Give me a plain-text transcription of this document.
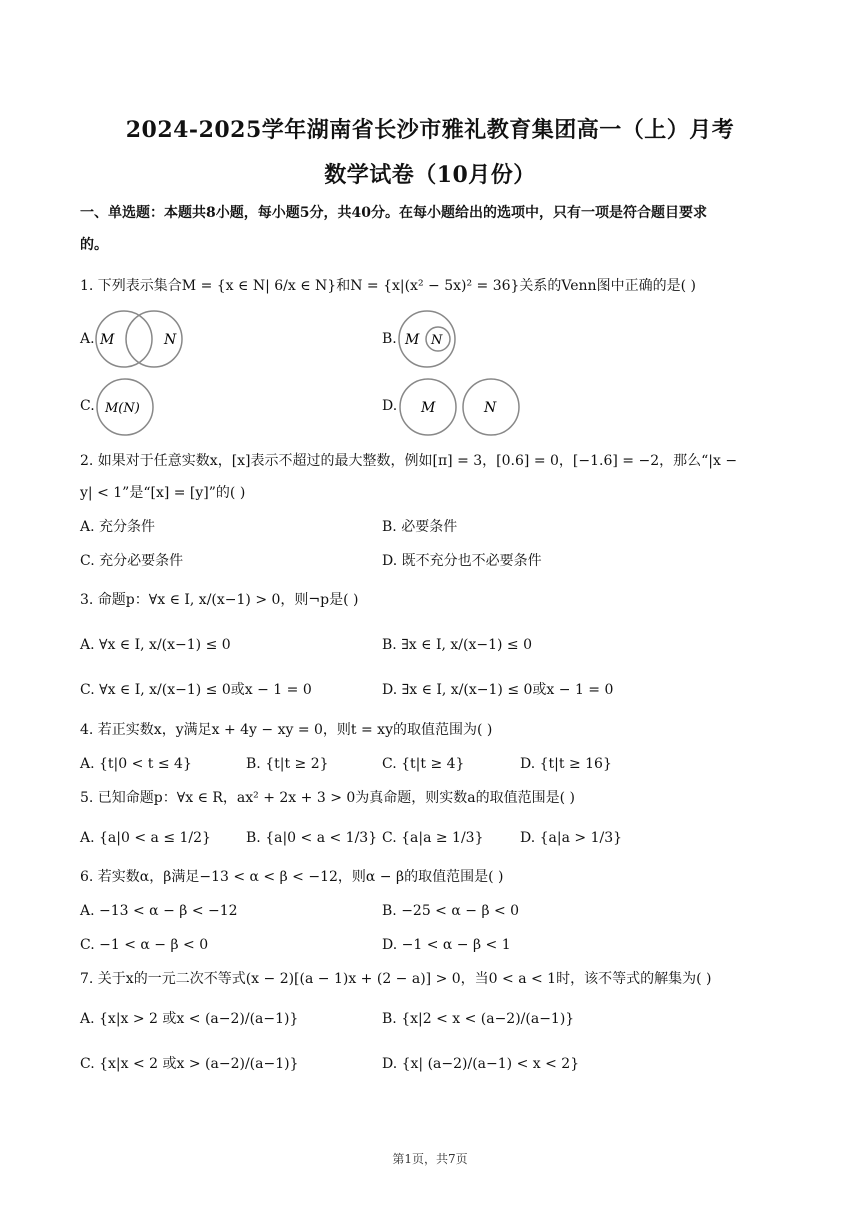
2024-2025学年湖南省长沙市雅礼教育集团高一（上）月考
数学试卷（10月份）
一、单选题：本题共8小题，每小题5分，共40分。在每小题给出的选项中，只有一项是符合题目要求
的。
1. 下列表示集合M = {x ∈ N| 6/x ∈ N}和N = {x|(x² − 5x)² = 36}关系的Venn图中正确的是( )
A. M	N	B. M N
C. M(N)	D. M	N
2. 如果对于任意实数x，[x]表示不超过的最大整数，例如[π] = 3，[0.6] = 0，[−1.6] = −2，那么“|x −
y| < 1”是“[x] = [y]”的( )
A. 充分条件	B. 必要条件
C. 充分必要条件	D. 既不充分也不必要条件
3. 命题p：∀x ∈ I, x/(x−1) > 0，则¬p是( )
A. ∀x ∈ I, x/(x−1) ≤ 0	B. ∃x ∈ I, x/(x−1) ≤ 0
C. ∀x ∈ I, x/(x−1) ≤ 0或x − 1 = 0	D. ∃x ∈ I, x/(x−1) ≤ 0或x − 1 = 0
4. 若正实数x，y满足x + 4y − xy = 0，则t = xy的取值范围为( )
A. {t|0 < t ≤ 4}	B. {t|t ≥ 2}	C. {t|t ≥ 4}	D. {t|t ≥ 16}
5. 已知命题p：∀x ∈ R，ax² + 2x + 3 > 0为真命题，则实数a的取值范围是( )
A. {a|0 < a ≤ 1/2}	B. {a|0 < a < 1/3} C. {a|a ≥ 1/3}	D. {a|a > 1/3}
6. 若实数α，β满足−13 < α < β < −12，则α − β的取值范围是( )
A. −13 < α − β < −12	B. −25 < α − β < 0
C. −1 < α − β < 0	D. −1 < α − β < 1
7. 关于x的一元二次不等式(x − 2)[(a − 1)x + (2 − a)] > 0，当0 < a < 1时，该不等式的解集为( )
A. {x|x > 2 或x < (a−2)/(a−1)}	B. {x|2 < x < (a−2)/(a−1)}
C. {x|x < 2 或x > (a−2)/(a−1)}	D. {x| (a−2)/(a−1) < x < 2}
第1页，共7页
